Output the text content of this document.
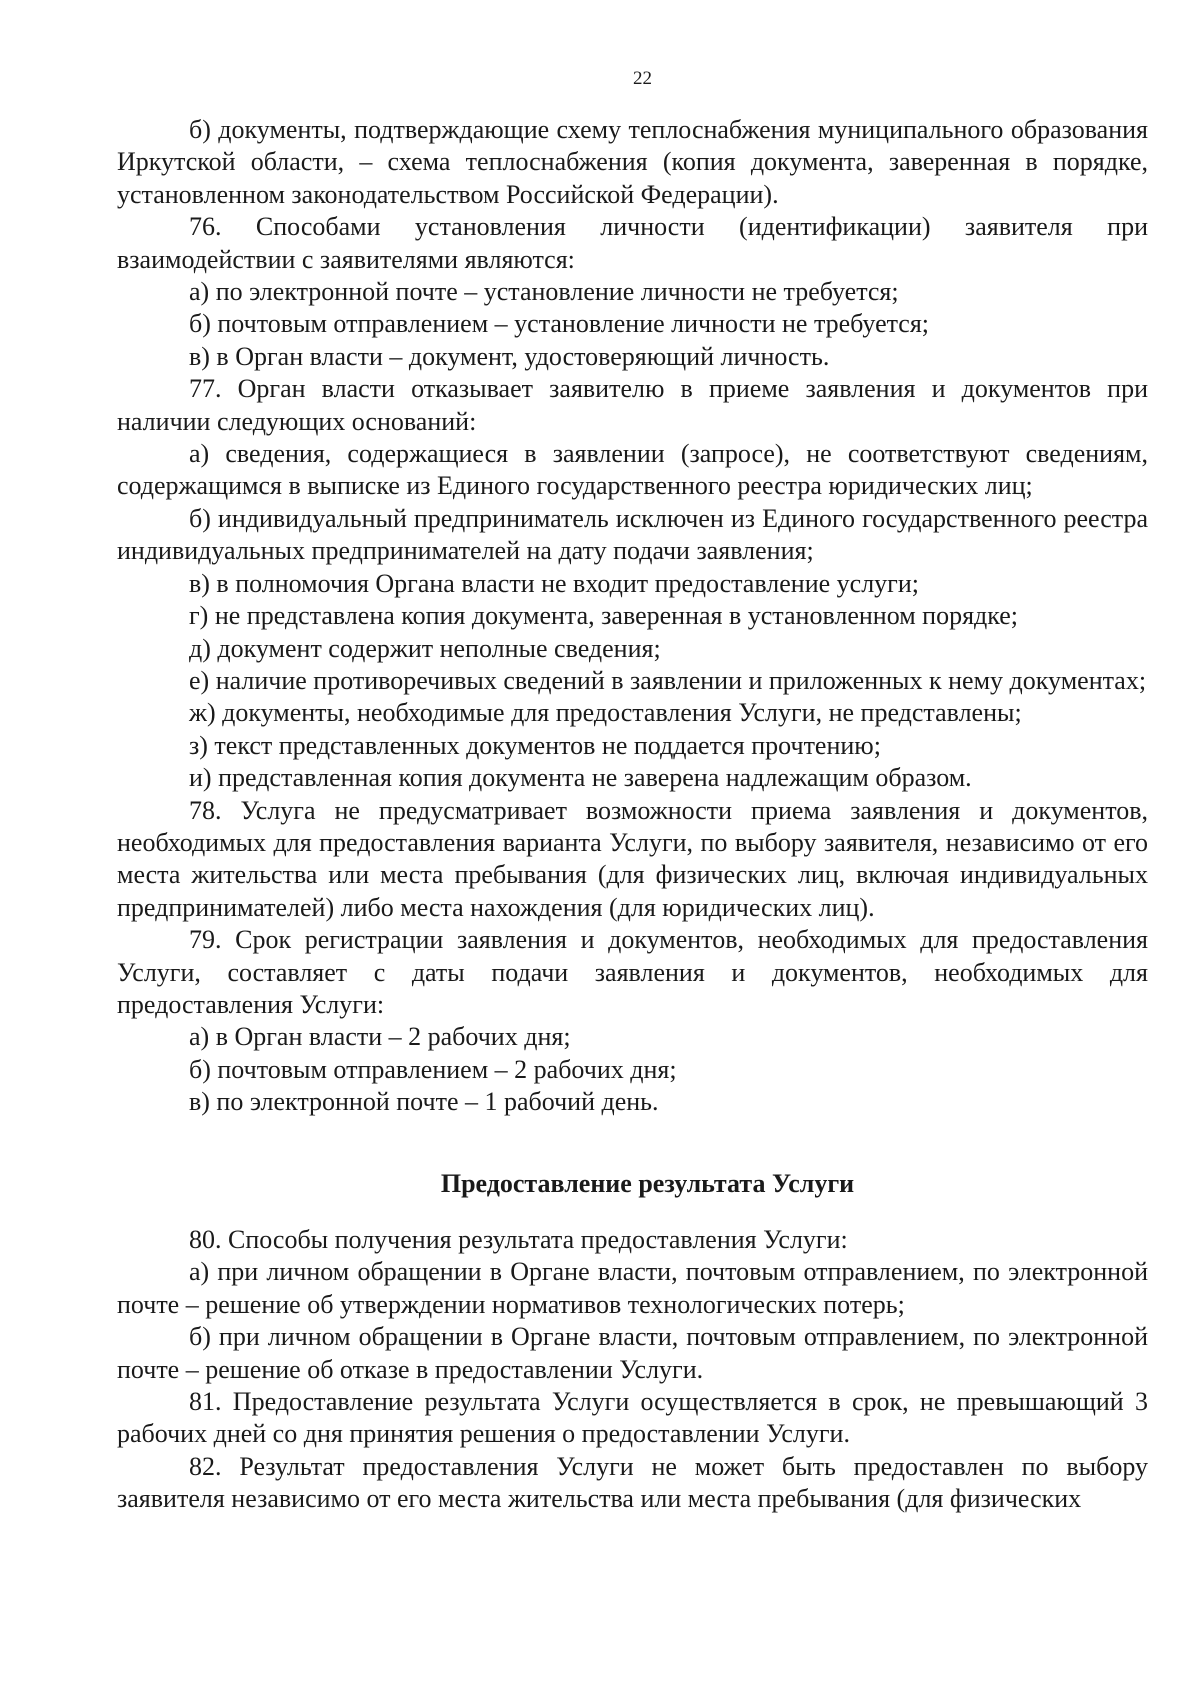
22

б) документы, подтверждающие схему теплоснабжения муниципального образования Иркутской области, – схема теплоснабжения (копия документа, заверенная в порядке, установленном законодательством Российской Федерации).

76. Способами установления личности (идентификации) заявителя при взаимодействии с заявителями являются:

а) по электронной почте – установление личности не требуется;

б) почтовым отправлением – установление личности не требуется;

в) в Орган власти – документ, удостоверяющий личность.

77. Орган власти отказывает заявителю в приеме заявления и документов при наличии следующих оснований:

а) сведения, содержащиеся в заявлении (запросе), не соответствуют сведениям, содержащимся в выписке из Единого государственного реестра юридических лиц;

б) индивидуальный предприниматель исключен из Единого государственного реестра индивидуальных предпринимателей на дату подачи заявления;

в) в полномочия Органа власти не входит предоставление услуги;

г) не представлена копия документа, заверенная в установленном порядке;

д) документ содержит неполные сведения;

е) наличие противоречивых сведений в заявлении и приложенных к нему документах;

ж) документы, необходимые для предоставления Услуги, не представлены;

з) текст представленных документов не поддается прочтению;

и) представленная копия документа не заверена надлежащим образом.

78. Услуга не предусматривает возможности приема заявления и документов, необходимых для предоставления варианта Услуги, по выбору заявителя, независимо от его места жительства или места пребывания (для физических лиц, включая индивидуальных предпринимателей) либо места нахождения (для юридических лиц).

79. Срок регистрации заявления и документов, необходимых для предоставления Услуги, составляет с даты подачи заявления и документов, необходимых для предоставления Услуги:

а) в Орган власти – 2 рабочих дня;

б) почтовым отправлением – 2 рабочих дня;

в) по электронной почте – 1 рабочий день.

Предоставление результата Услуги

80. Способы получения результата предоставления Услуги:

а) при личном обращении в Органе власти, почтовым отправлением, по электронной почте – решение об утверждении нормативов технологических потерь;

б) при личном обращении в Органе власти, почтовым отправлением, по электронной почте – решение об отказе в предоставлении Услуги.

81. Предоставление результата Услуги осуществляется в срок, не превышающий 3 рабочих дней со дня принятия решения о предоставлении Услуги.

82. Результат предоставления Услуги не может быть предоставлен по выбору заявителя независимо от его места жительства или места пребывания (для физических
